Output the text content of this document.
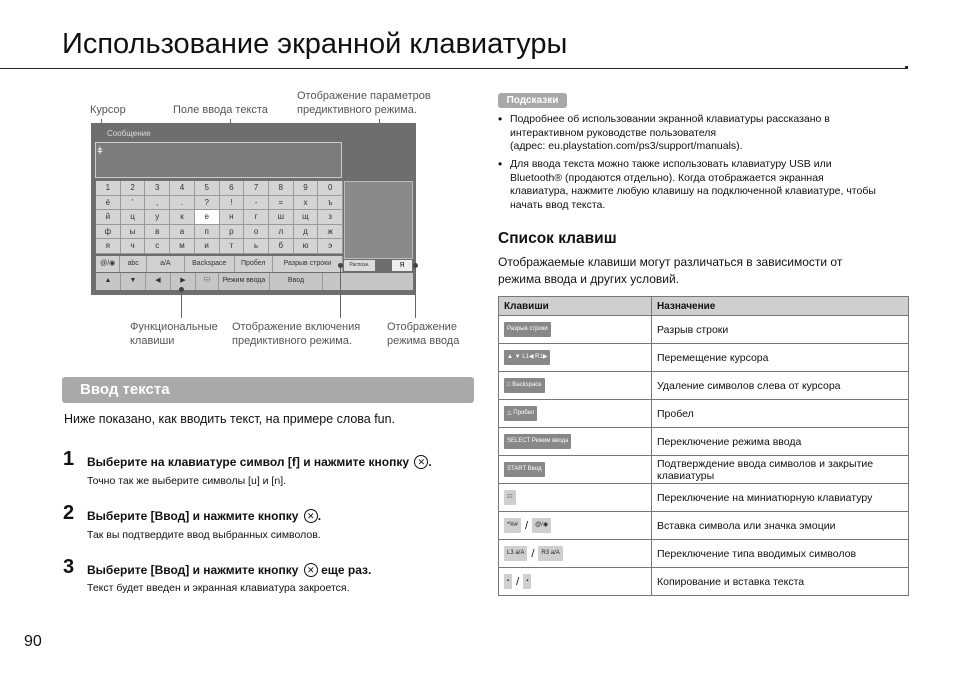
Использование экранной клавиатуры
Курсор	Поле ввода текста
Отображение параметров
предиктивного режима.
Сообщение
ǂ
1	2	3	4	5	6	7	8	9	0
ё	'	,	.	?	!	-	=	х	ъ
й	ц	у	к	е	н	г	ш	щ	з
ф	ы	в	а	п	р	о	л	д	ж
я	ч	с	м	и	т	ь	б	ю	э
@/◉	abc	а/А	Backspace	Пробел	Разрыв строки
▲	▼	◀	▶	⁝⁝⁝	Режим ввода	Ввод
Распозн.	Я
Функциональные
клавиши
Отображение включения
предиктивного режима.
Отображение
режима ввода
Ввод текста
Ниже показано, как вводить текст, на примере слова fun.
1 Выберите на клавиатуре символ [f] и нажмите кнопку ✕ .
Точно так же выберите символы [u] и [n].
2 Выберите [Ввод] и нажмите кнопку ✕ .
Так вы подтвердите ввод выбранных символов.
3 Выберите [Ввод] и нажмите кнопку ✕ еще раз.
Текст будет введен и экранная клавиатура закроется.
90
Подсказки
• Подробнее об использовании экранной клавиатуры рассказано в
интерактивном руководстве пользователя
(адрес: eu.playstation.com/ps3/support/manuals).
• Для ввода текста можно также использовать клавиатуру USB или
Bluetooth® (продаются отдельно). Когда отображается экранная
клавиатура, нажмите любую клавишу на подключенной клавиатуре, чтобы
начать ввод текста.
Список клавиш
Отображаемые клавиши могут различаться в зависимости от
режима ввода и других условий.
Клавиши	Назначение
Разрыв строки	Разрыв строки
▲ ▼ L1◀ R1▶	Перемещение курсора
□ Backspace	Удаление символов слева от курсора
△ Пробел	Пробел
SELECT Режим ввода	Переключение режима ввода
START Ввод	Подтверждение ввода символов и закрытие клавиатуры
⁝⁝⁝	Переключение на миниатюрную клавиатуру
*%# / @/◉	Вставка символа или значка эмоции
L3 a/A / R3 a/A	Переключение типа вводимых символов
▪ / ▪	Копирование и вставка текста
